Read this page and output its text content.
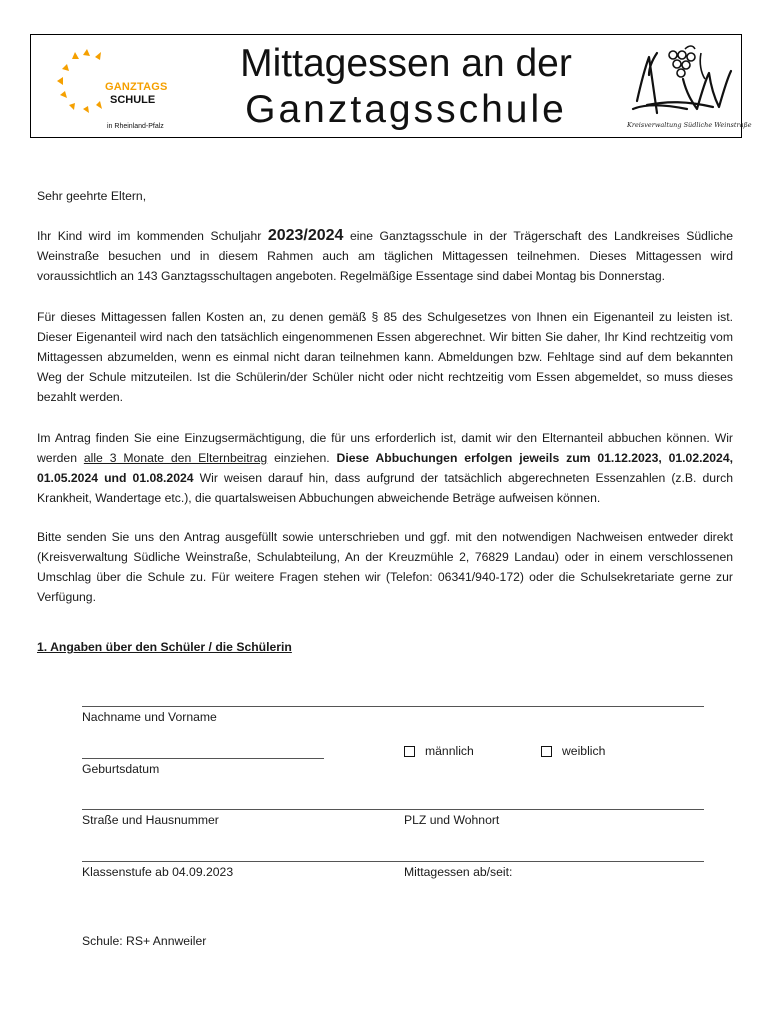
GANZTAGS
SCHULE
in Rheinland-Pfalz
Mittagessen an der
Ganztagsschule	Kreisverwaltung Südliche Weinstraße
Sehr geehrte Eltern,
Ihr Kind wird im kommenden Schuljahr 2023/2024 eine Ganztagsschule in der Trägerschaft des Landkreises Südliche Weinstraße besuchen und in diesem Rahmen auch am täglichen Mittagessen teilnehmen. Dieses Mittagessen wird voraussichtlich an 143 Ganztagsschultagen angeboten. Regelmäßige Essentage sind dabei Montag bis Donnerstag.
Für dieses Mittagessen fallen Kosten an, zu denen gemäß § 85 des Schulgesetzes von Ihnen ein Eigenanteil zu leisten ist. Dieser Eigenanteil wird nach den tatsächlich eingenommenen Essen abgerechnet. Wir bitten Sie daher, Ihr Kind rechtzeitig vom Mittagessen abzumelden, wenn es einmal nicht daran teilnehmen kann. Abmeldungen bzw. Fehltage sind auf dem bekannten Weg der Schule mitzuteilen. Ist die Schülerin/der Schüler nicht oder nicht rechtzeitig vom Essen abgemeldet, so muss dieses bezahlt werden.
Im Antrag finden Sie eine Einzugsermächtigung, die für uns erforderlich ist, damit wir den Elternanteil abbuchen können. Wir werden alle 3 Monate den Elternbeitrag einziehen. Diese Abbuchungen erfolgen jeweils zum 01.12.2023, 01.02.2024, 01.05.2024 und 01.08.2024 Wir weisen darauf hin, dass aufgrund der tatsächlich abgerechneten Essenzahlen (z.B. durch Krankheit, Wandertage etc.), die quartalsweisen Abbuchungen abweichende Beträge aufweisen können.
Bitte senden Sie uns den Antrag ausgefüllt sowie unterschrieben und ggf. mit den notwendigen Nachweisen entweder direkt (Kreisverwaltung Südliche Weinstraße, Schulabteilung, An der Kreuzmühle 2, 76829 Landau) oder in einem verschlossenen Umschlag über die Schule zu. Für weitere Fragen stehen wir (Telefon: 06341/940-172) oder die Schulsekretariate gerne zur Verfügung.
1. Angaben über den Schüler / die Schülerin
Nachname und Vorname
Geburtsdatum
männlich	weiblich
Straße und Hausnummer	PLZ und Wohnort
Klassenstufe ab 04.09.2023	Mittagessen ab/seit:
Schule: RS+ Annweiler
